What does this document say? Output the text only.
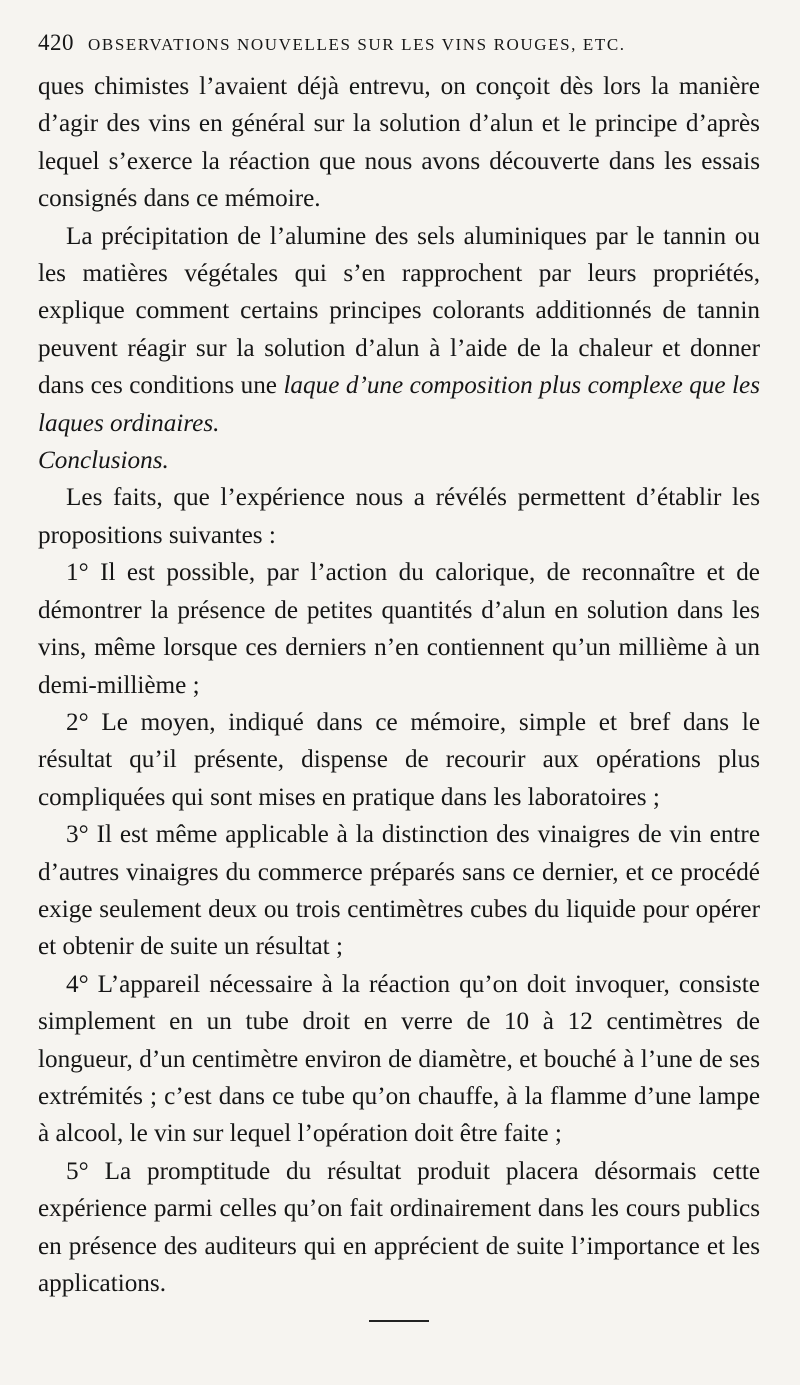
420 OBSERVATIONS NOUVELLES SUR LES VINS ROUGES, ETC.

ques chimistes l’avaient déjà entrevu, on conçoit dès lors la manière d’agir des vins en général sur la solution d’alun et le principe d’après lequel s’exerce la réaction que nous avons découverte dans les essais consignés dans ce mémoire.

La précipitation de l’alumine des sels aluminiques par le tannin ou les matières végétales qui s’en rapprochent par leurs propriétés, explique comment certains principes colorants additionnés de tannin peuvent réagir sur la solution d’alun à l’aide de la chaleur et donner dans ces conditions une laque d’une composition plus complexe que les laques ordinaires.

Conclusions.

Les faits, que l’expérience nous a révélés permettent d’établir les propositions suivantes :

1° Il est possible, par l’action du calorique, de reconnaître et de démontrer la présence de petites quantités d’alun en solution dans les vins, même lorsque ces derniers n’en contiennent qu’un millième à un demi-millième ;

2° Le moyen, indiqué dans ce mémoire, simple et bref dans le résultat qu’il présente, dispense de recourir aux opérations plus compliquées qui sont mises en pratique dans les laboratoires ;

3° Il est même applicable à la distinction des vinaigres de vin entre d’autres vinaigres du commerce préparés sans ce dernier, et ce procédé exige seulement deux ou trois centimètres cubes du liquide pour opérer et obtenir de suite un résultat ;

4° L’appareil nécessaire à la réaction qu’on doit invoquer, consiste simplement en un tube droit en verre de 10 à 12 centimètres de longueur, d’un centimètre environ de diamètre, et bouché à l’une de ses extrémités ; c’est dans ce tube qu’on chauffe, à la flamme d’une lampe à alcool, le vin sur lequel l’opération doit être faite ;

5° La promptitude du résultat produit placera désormais cette expérience parmi celles qu’on fait ordinairement dans les cours publics en présence des auditeurs qui en apprécient de suite l’importance et les applications.
